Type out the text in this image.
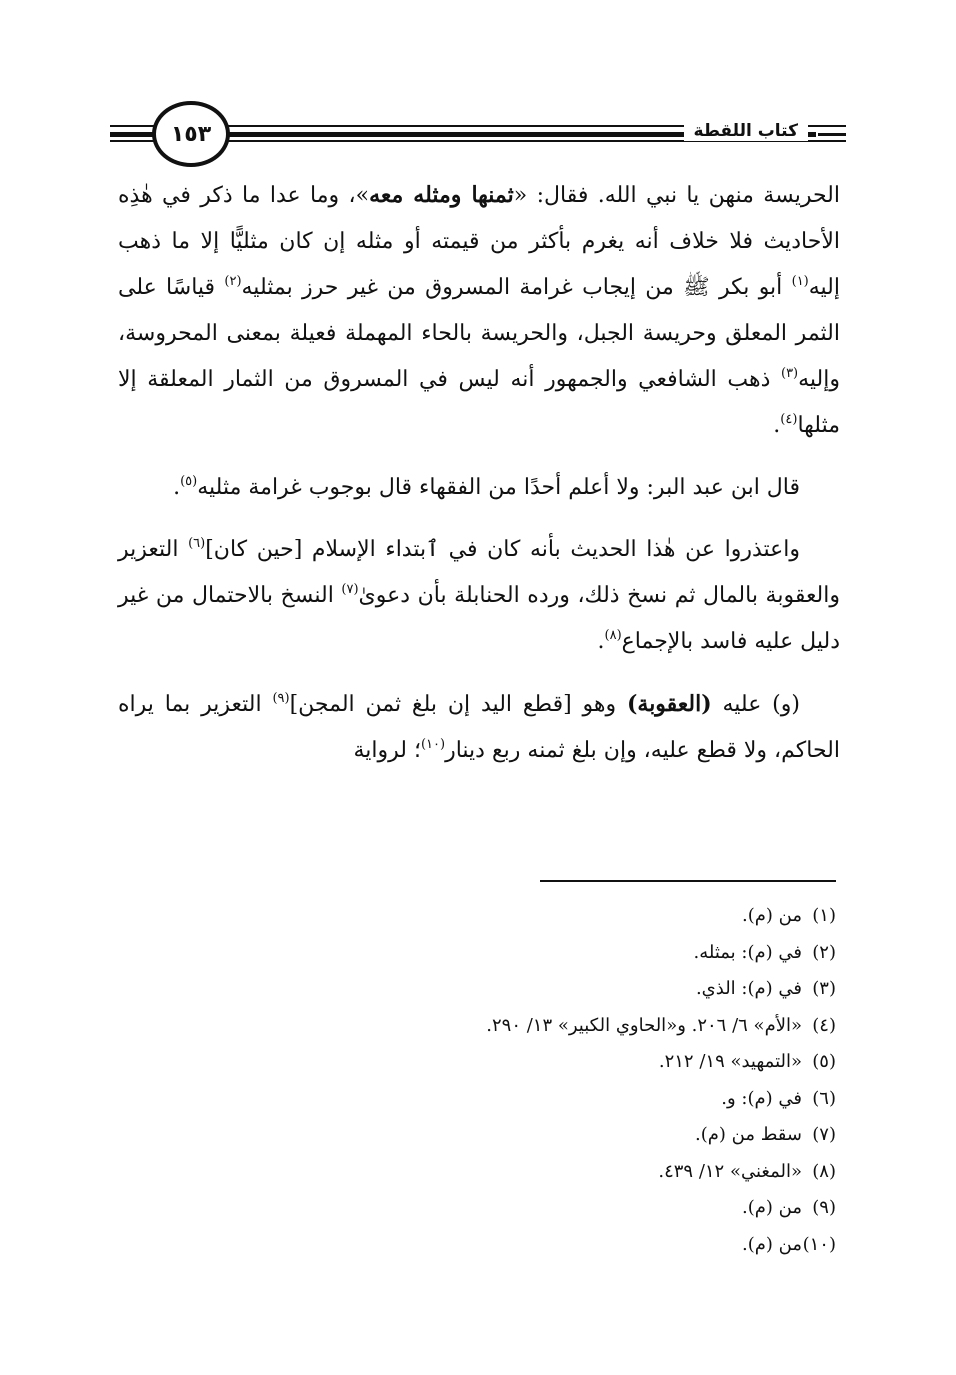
كتاب اللقطة
١٥٣

الحريسة منهن يا نبي الله. فقال: «ثمنها ومثله معه»، وما عدا ما ذكر في هٰذِه الأحاديث فلا خلاف أنه يغرم بأكثر من قيمته أو مثله إن كان مثليًّا إلا ما ذهب إليه$^{(١)}$ أبو بكر ﷺ من إيجاب غرامة المسروق من غير حرز بمثليه$^{(٢)}$ قياسًا على الثمر المعلق وحريسة الجبل، والحريسة بالحاء المهملة فعيلة بمعنى المحروسة، وإليه$^{(٣)}$ ذهب الشافعي والجمهور أنه ليس في المسروق من الثمار المعلقة إلا مثلها$^{(٤)}$.

قال ابن عبد البر: ولا أعلم أحدًا من الفقهاء قال بوجوب غرامة مثليه$^{(٥)}$.

واعتذروا عن هٰذا الحديث بأنه كان في ٱبتداء الإسلام [حين كان]$^{(٦)}$ التعزير والعقوبة بالمال ثم نسخ ذلك، ورده الحنابلة بأن دعوىٰ$^{(٧)}$ النسخ بالاحتمال من غير دليل عليه فاسد بالإجماع$^{(٨)}$.

(و) عليه (العقوبة) وهو [قطع اليد إن بلغ ثمن المجن]$^{(٩)}$ التعزير بما يراه الحاكم، ولا قطع عليه، وإن بلغ ثمنه ربع دينار$^{(١٠)}$؛ لرواية

(١)من (م).
(٢)في (م): بمثله.
(٣)في (م): الذي.
(٤)«الأم» ٦/ ٢٠٦. و«الحاوي الكبير» ١٣/ ٢٩٠.
(٥)«التمهيد» ١٩/ ٢١٢.
(٦)في (م): و.
(٧)سقط من (م).
(٨)«المغني» ١٢/ ٤٣٩.
(٩)من (م).
(١٠)من (م).
